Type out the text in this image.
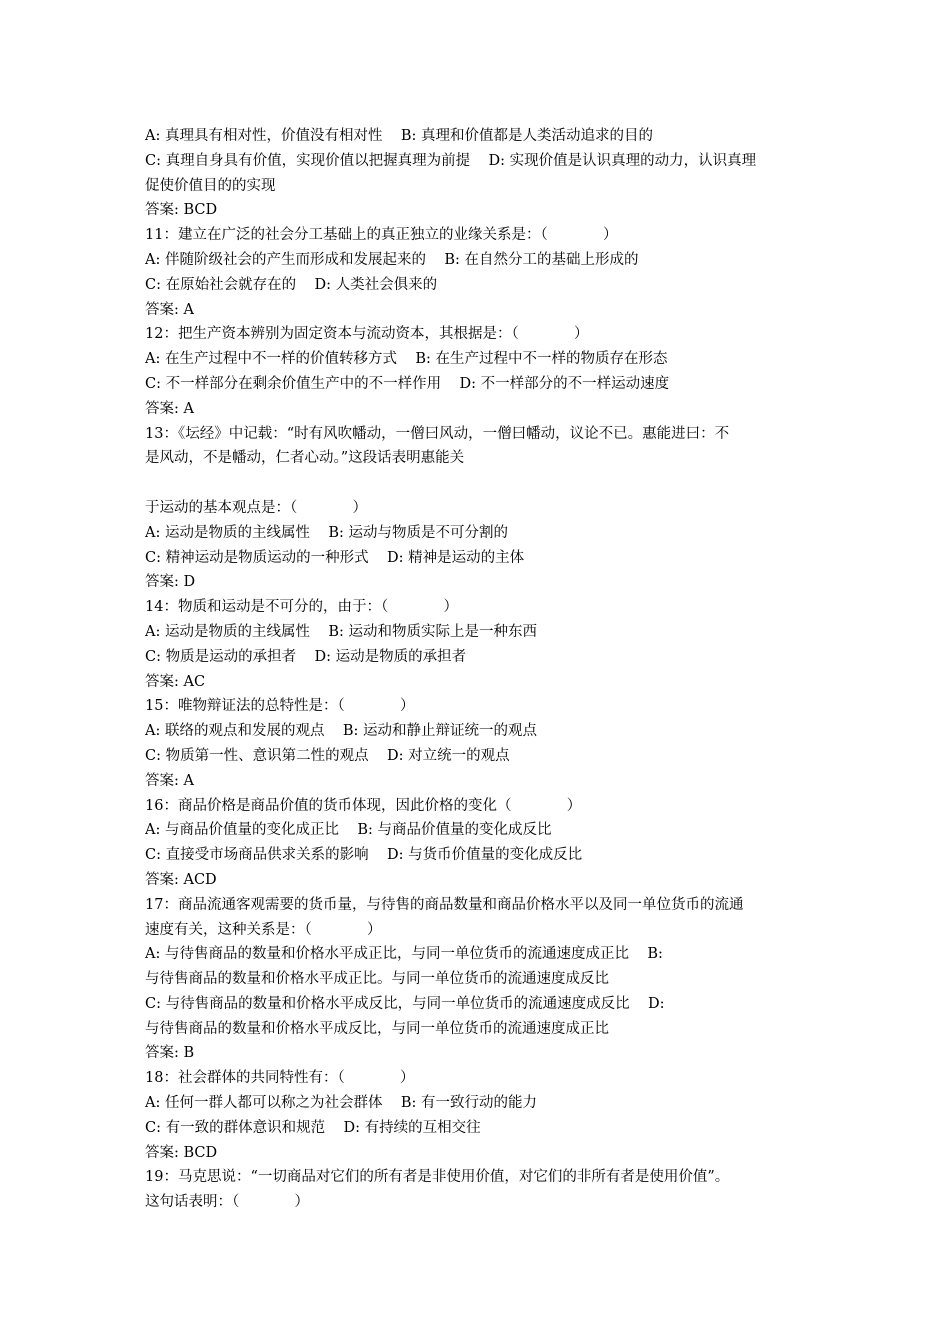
A: 真理具有相对性，价值没有相对性    B: 真理和价值都是人类活动追求的目的
C: 真理自身具有价值，实现价值以把握真理为前提    D: 实现价值是认识真理的动力，认识真理
促使价值目的的实现
答案: BCD
11：建立在广泛的社会分工基础上的真正独立的业缘关系是：（            ）
A: 伴随阶级社会的产生而形成和发展起来的    B: 在自然分工的基础上形成的
C: 在原始社会就存在的    D: 人类社会俱来的
答案: A
12：把生产资本辨别为固定资本与流动资本，其根据是：（            ）
A: 在生产过程中不一样的价值转移方式    B: 在生产过程中不一样的物质存在形态
C: 不一样部分在剩余价值生产中的不一样作用    D: 不一样部分的不一样运动速度
答案: A
13：《坛经》中记载：“时有风吹幡动，一僧曰风动，一僧曰幡动，议论不已。惠能进曰：不
是风动，不是幡动，仁者心动。”这段话表明惠能关
于运动的基本观点是：（            ）
A: 运动是物质的主线属性    B: 运动与物质是不可分割的
C: 精神运动是物质运动的一种形式    D: 精神是运动的主体
答案: D
14：物质和运动是不可分的，由于：（            ）
A: 运动是物质的主线属性    B: 运动和物质实际上是一种东西
C: 物质是运动的承担者    D: 运动是物质的承担者
答案: AC
15：唯物辩证法的总特性是：（            ）
A: 联络的观点和发展的观点    B: 运动和静止辩证统一的观点
C: 物质第一性、意识第二性的观点    D: 对立统一的观点
答案: A
16：商品价格是商品价值的货币体现，因此价格的变化（            ）
A: 与商品价值量的变化成正比    B: 与商品价值量的变化成反比
C: 直接受市场商品供求关系的影响    D: 与货币价值量的变化成反比
答案: ACD
17：商品流通客观需要的货币量，与待售的商品数量和商品价格水平以及同一单位货币的流通
速度有关，这种关系是：（            ）
A: 与待售商品的数量和价格水平成正比，与同一单位货币的流通速度成正比    B:
与待售商品的数量和价格水平成正比。与同一单位货币的流通速度成反比
C: 与待售商品的数量和价格水平成反比，与同一单位货币的流通速度成反比    D:
与待售商品的数量和价格水平成反比，与同一单位货币的流通速度成正比
答案: B
18：社会群体的共同特性有：（            ）
A: 任何一群人都可以称之为社会群体    B: 有一致行动的能力
C: 有一致的群体意识和规范    D: 有持续的互相交往
答案: BCD
19：马克思说：“一切商品对它们的所有者是非使用价值，对它们的非所有者是使用价值”。
这句话表明：（            ）
